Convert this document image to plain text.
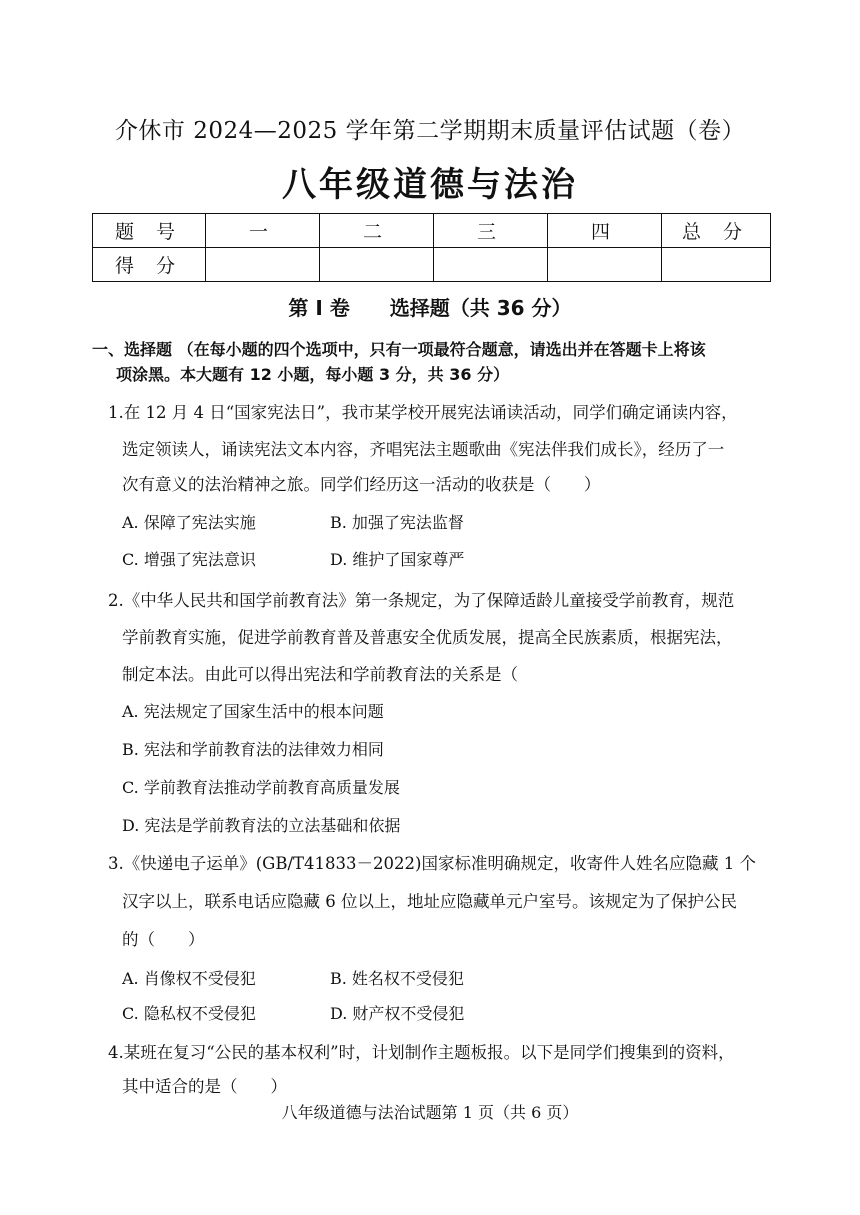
介休市 2024—2025 学年第二学期期末质量评估试题（卷）
八年级道德与法治
题 号	一	二	三	四	总 分
得 分					
第 I 卷 选择题（共 36 分）
一、选择题 （在每小题的四个选项中，只有一项最符合题意，请选出并在答题卡上将该
项涂黑。本大题有 12 小题，每小题 3 分，共 36 分）
1.在 12 月 4 日“国家宪法日”，我市某学校开展宪法诵读活动，同学们确定诵读内容，
选定领读人，诵读宪法文本内容，齐唱宪法主题歌曲《宪法伴我们成长》，经历了一
次有意义的法治精神之旅。同学们经历这一活动的收获是（　　）
A. 保障了宪法实施	B. 加强了宪法监督
C. 增强了宪法意识	D. 维护了国家尊严
2.《中华人民共和国学前教育法》第一条规定，为了保障适龄儿童接受学前教育，规范
学前教育实施，促进学前教育普及普惠安全优质发展，提高全民族素质，根据宪法，
制定本法。由此可以得出宪法和学前教育法的关系是（
A. 宪法规定了国家生活中的根本问题
B. 宪法和学前教育法的法律效力相同
C. 学前教育法推动学前教育高质量发展
D. 宪法是学前教育法的立法基础和依据
3.《快递电子运单》(GB/T41833－2022)国家标准明确规定，收寄件人姓名应隐藏 1 个
汉字以上，联系电话应隐藏 6 位以上，地址应隐藏单元户室号。该规定为了保护公民
的（　　）
A. 肖像权不受侵犯	B. 姓名权不受侵犯
C. 隐私权不受侵犯	D. 财产权不受侵犯
4.某班在复习“公民的基本权利”时，计划制作主题板报。以下是同学们搜集到的资料，
其中适合的是（　　）
八年级道德与法治试题第 1 页（共 6 页）
